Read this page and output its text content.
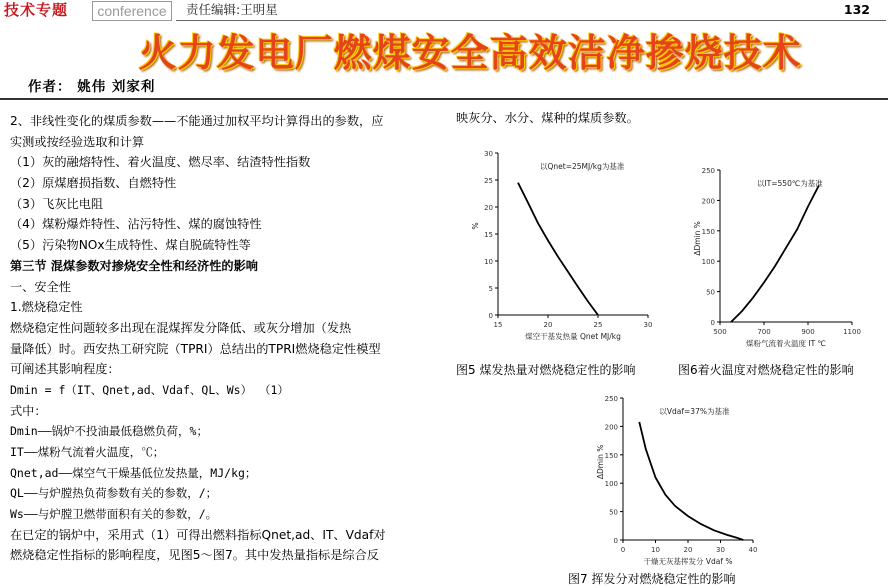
技术专题	conference	责任编辑:王明星	132
火力发电厂燃煤安全高效洁净掺烧技术
作者： 姚伟 刘家利
2、非线性变化的煤质参数——不能通过加权平均计算得出的参数，应
实测或按经验选取和计算
（1）灰的融熔特性、着火温度、燃尽率、结渣特性指数
（2）原煤磨损指数、自燃特性
（3）飞灰比电阻
（4）煤粉爆炸特性、沾污特性、煤的腐蚀特性
（5）污染物NOx生成特性、煤自脱硫特性等
第三节 混煤参数对掺烧安全性和经济性的影响
一、安全性
1.燃烧稳定性
燃烧稳定性问题较多出现在混煤挥发分降低、或灰分增加（发热
量降低）时。西安热工研究院（TPRI）总结出的TPRI燃烧稳定性模型
可阐述其影响程度：
Dmin = f（IT、Qnet,ad、Vdaf、QL、Ws） （1）
式中：
Dmin——锅炉不投油最低稳燃负荷，%；
IT——煤粉气流着火温度，℃；
Qnet,ad——煤空气干燥基低位发热量，MJ/kg；
QL——与炉膛热负荷参数有关的参数，/；
Ws——与炉膛卫燃带面积有关的参数，/。
在已定的锅炉中，采用式（1）可得出燃料指标Qnet,ad、IT、Vdaf对
燃烧稳定性指标的影响程度，见图5～图7。其中发热量指标是综合反
映灰分、水分、煤种的煤质参数。
0
5
10
15
20
25
30
15	20	25	30
以Qnet=25MJ/kg为基准
煤空干基发热量 Qnet MJ/kg
%
0
50
100
150
200
250
500	700	900	1100
以IT=550℃为基准
煤粉气流着火温度 IT ℃
ΔDmin %
0
50
100
150
200
250
0	10	20	30	40
以Vdaf=37%为基准
干燥无灰基挥发分 Vdaf %
ΔDmin %
图5 煤发热量对燃烧稳定性的影响	图6着火温度对燃烧稳定性的影响
图7 挥发分对燃烧稳定性的影响
